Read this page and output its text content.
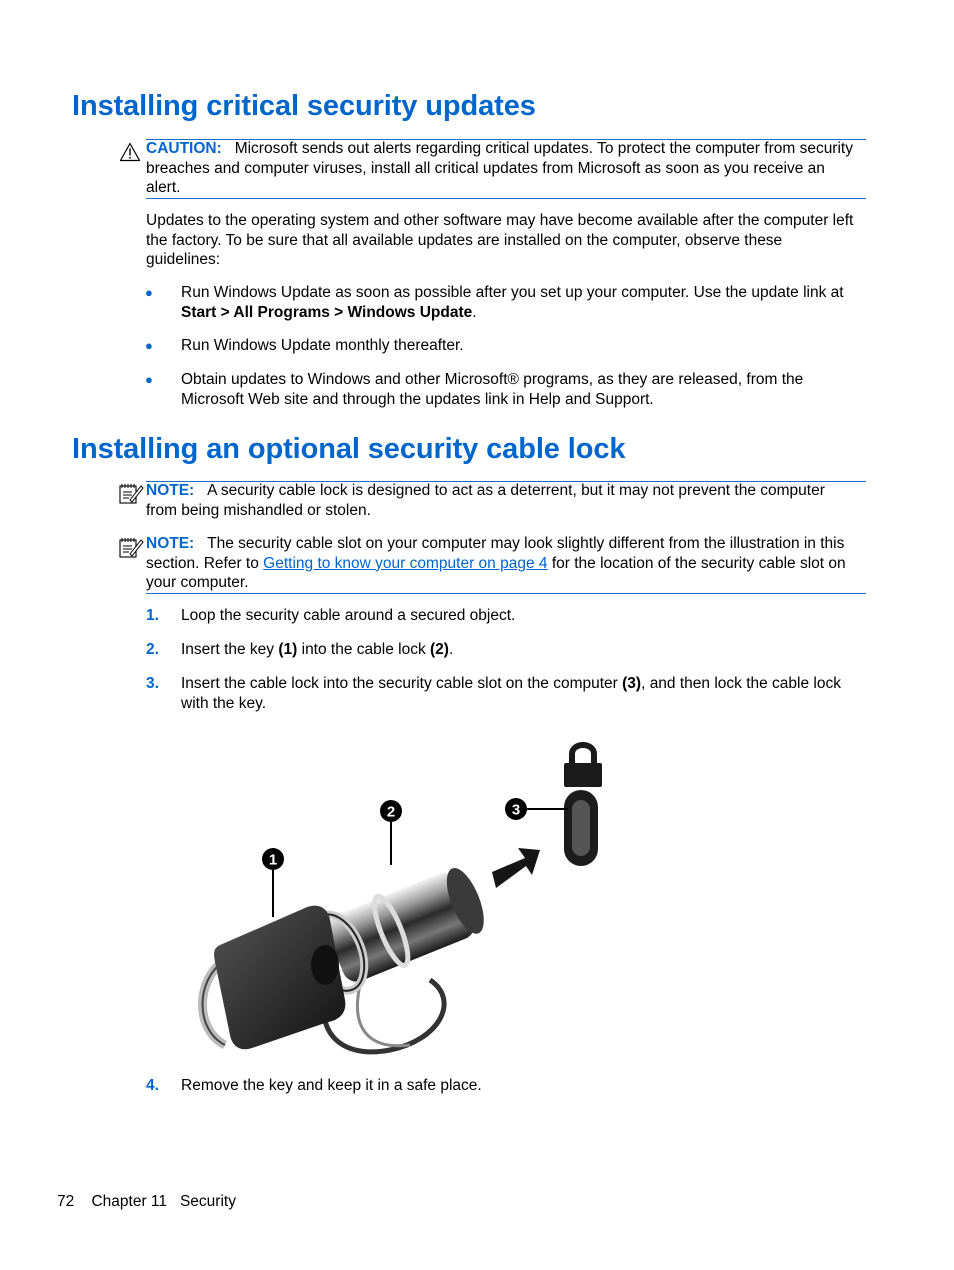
Installing critical security updates
CAUTION: Microsoft sends out alerts regarding critical updates. To protect the computer from security breaches and computer viruses, install all critical updates from Microsoft as soon as you receive an alert.
Updates to the operating system and other software may have become available after the computer left the factory. To be sure that all available updates are installed on the computer, observe these guidelines:
● Run Windows Update as soon as possible after you set up your computer. Use the update link at Start > All Programs > Windows Update.
● Run Windows Update monthly thereafter.
● Obtain updates to Windows and other Microsoft® programs, as they are released, from the Microsoft Web site and through the updates link in Help and Support.
Installing an optional security cable lock
NOTE: A security cable lock is designed to act as a deterrent, but it may not prevent the computer from being mishandled or stolen.
NOTE: The security cable slot on your computer may look slightly different from the illustration in this section. Refer to Getting to know your computer on page 4 for the location of the security cable slot on your computer.
1. Loop the security cable around a secured object.
2. Insert the key (1) into the cable lock (2).
3. Insert the cable lock into the security cable slot on the computer (3), and then lock the cable lock with the key.
1
2	3
4. Remove the key and keep it in a safe place.
72 Chapter 11 Security
